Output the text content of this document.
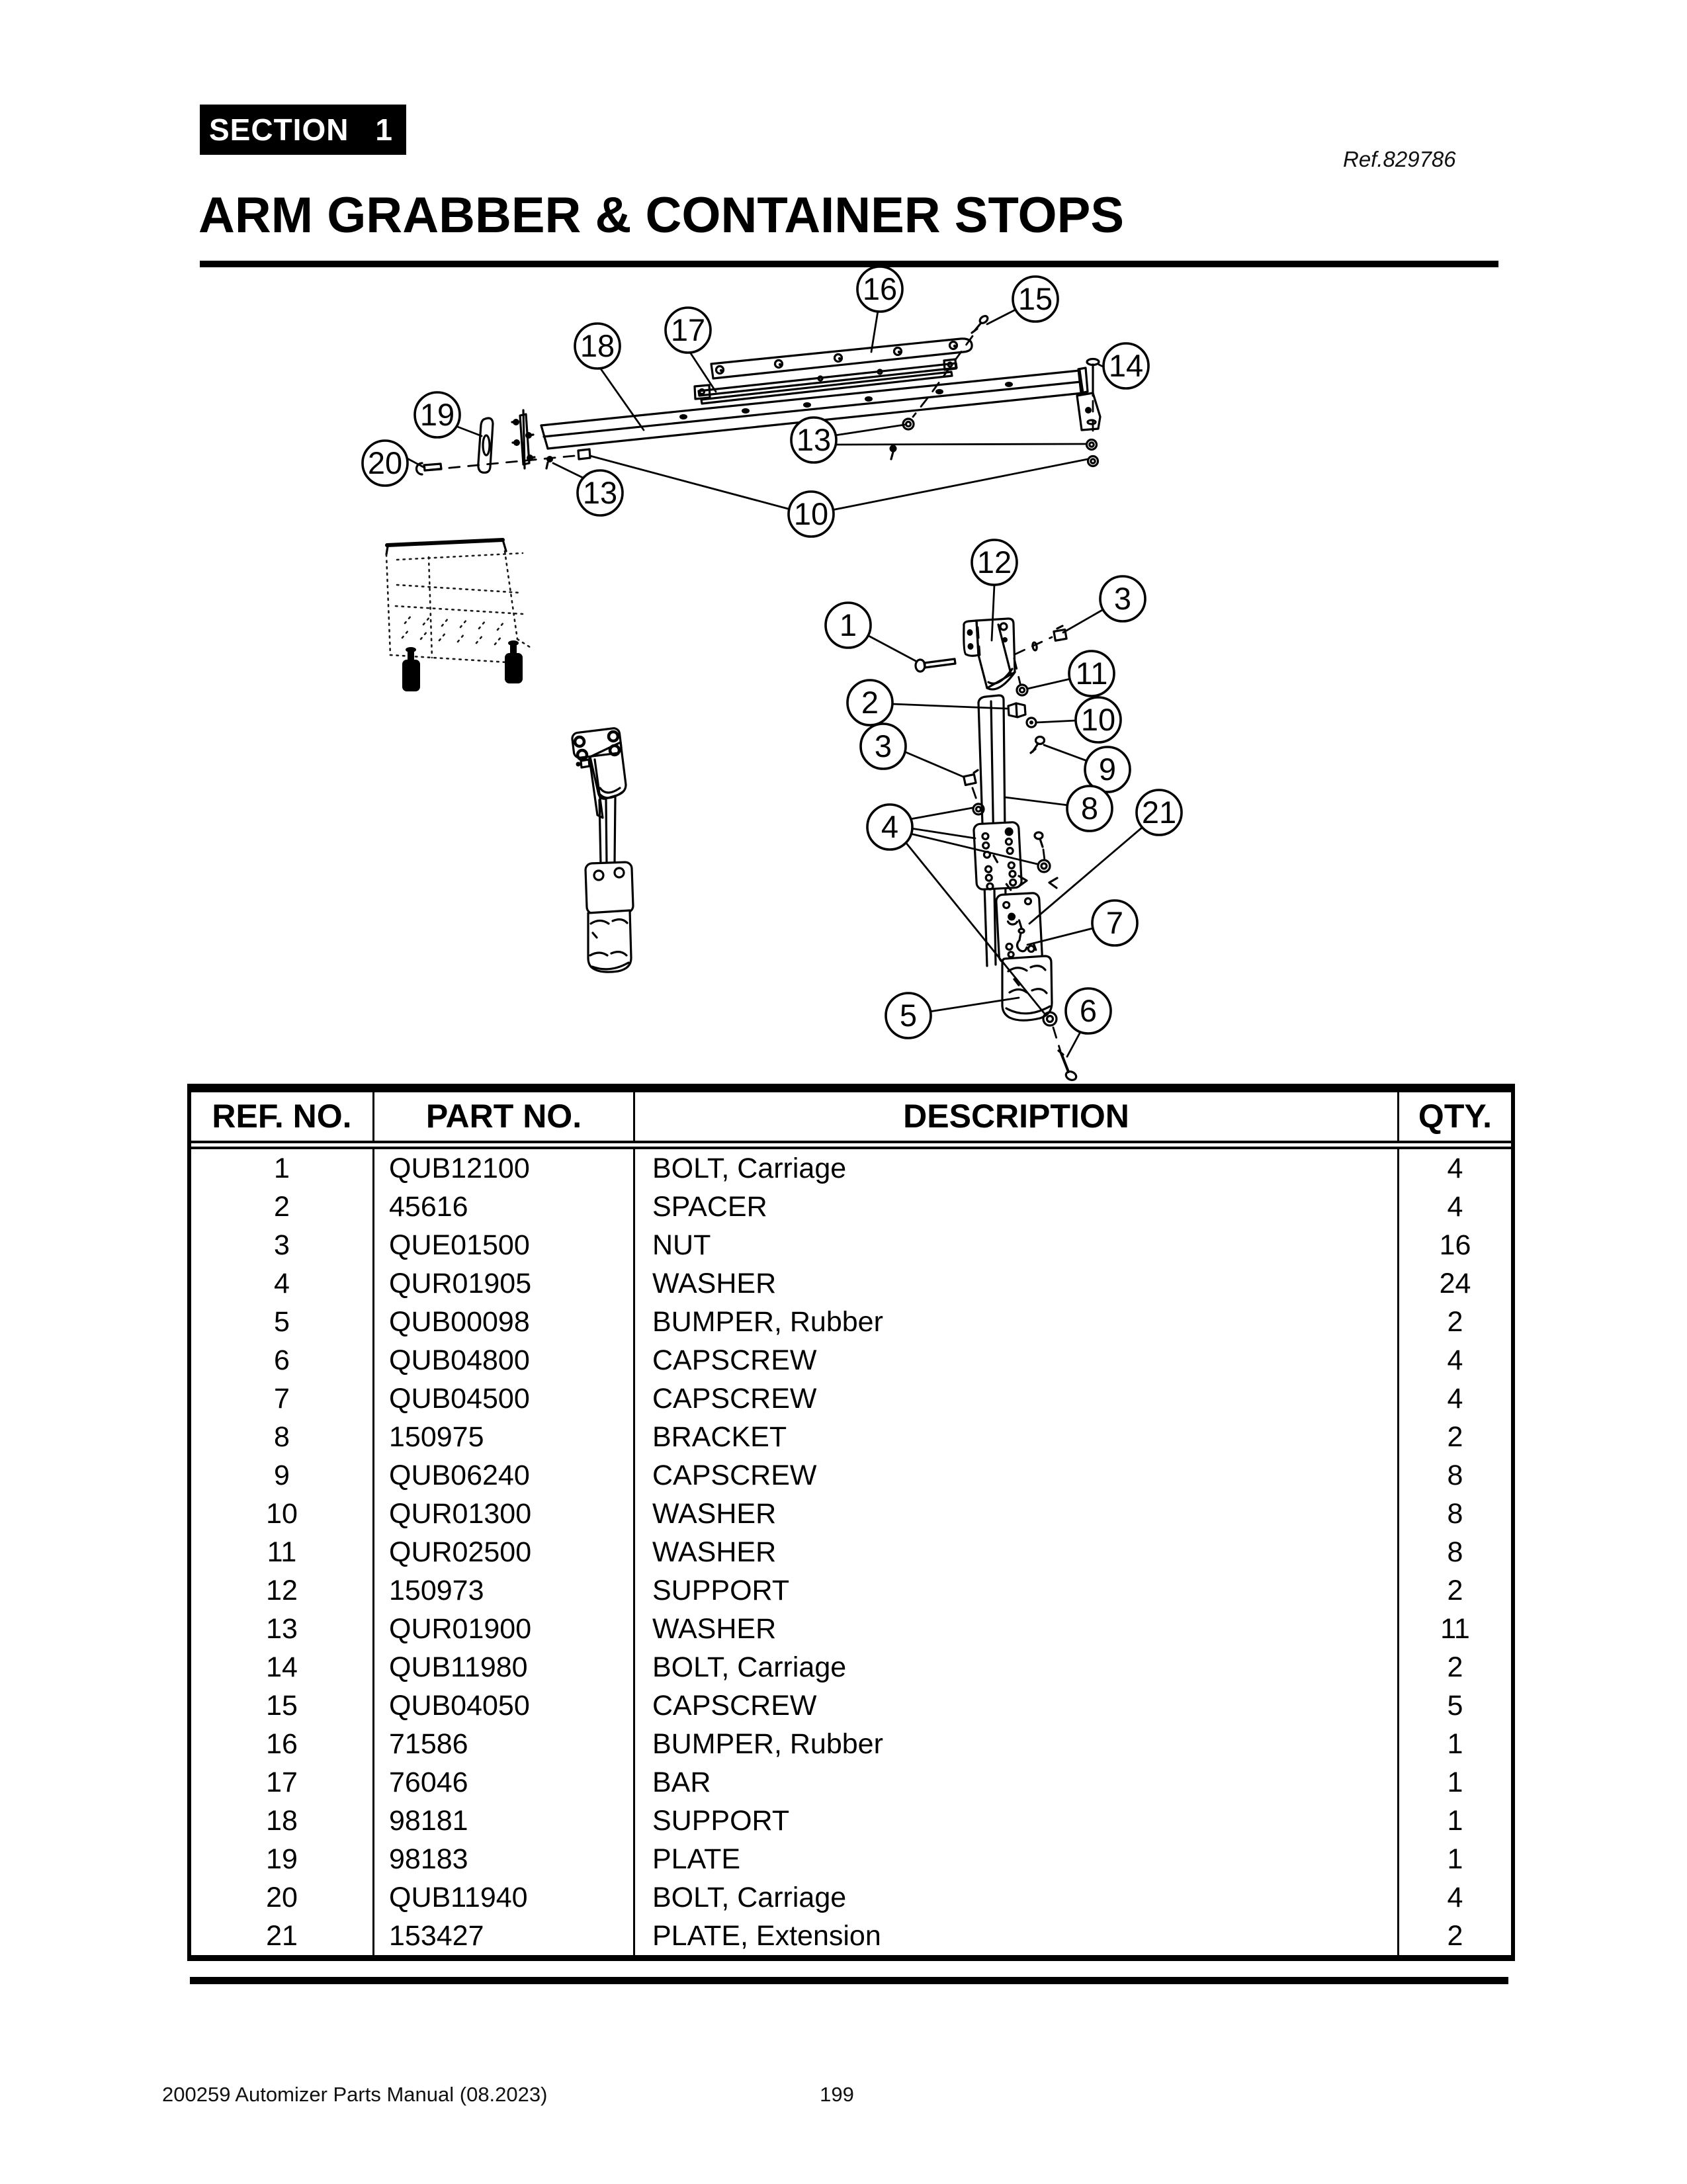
SECTION 1
Ref.829786
ARM GRABBER & CONTAINER STOPS
16	15
17
18
14
19
13
20
13
10
12
3
1
11
2	10
3
9
8
4	21
7
5	6
REF. NO.	PART NO.	DESCRIPTION	QTY.
1	QUB12100	BOLT, Carriage	4
2	45616	SPACER	4
3	QUE01500	NUT	16
4	QUR01905	WASHER	24
5	QUB00098	BUMPER, Rubber	2
6	QUB04800	CAPSCREW	4
7	QUB04500	CAPSCREW	4
8	150975	BRACKET	2
9	QUB06240	CAPSCREW	8
10	QUR01300	WASHER	8
11	QUR02500	WASHER	8
12	150973	SUPPORT	2
13	QUR01900	WASHER	11
14	QUB11980	BOLT, Carriage	2
15	QUB04050	CAPSCREW	5
16	71586	BUMPER, Rubber	1
17	76046	BAR	1
18	98181	SUPPORT	1
19	98183	PLATE	1
20	QUB11940	BOLT, Carriage	4
21	153427	PLATE, Extension	2
200259 Automizer Parts Manual (08.2023)	199
